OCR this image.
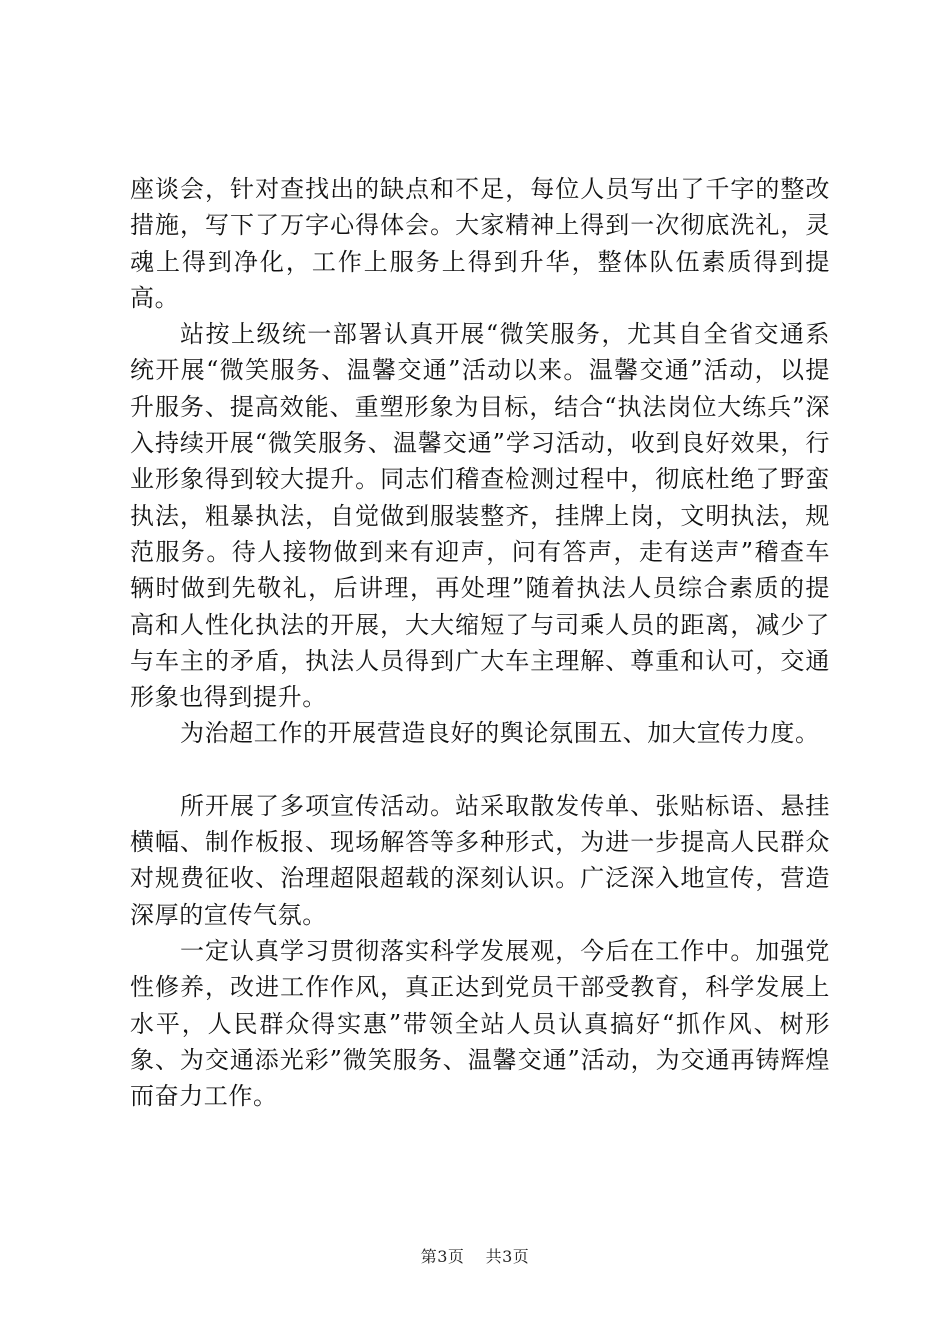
座谈会，针对查找出的缺点和不足，每位人员写出了千字的整改措施，写下了万字心得体会。大家精神上得到一次彻底洗礼，灵魂上得到净化，工作上服务上得到升华，整体队伍素质得到提高。

站按上级统一部署认真开展“微笑服务，尤其自全省交通系统开展“微笑服务、温馨交通”活动以来。温馨交通”活动，以提升服务、提高效能、重塑形象为目标，结合“执法岗位大练兵”深入持续开展“微笑服务、温馨交通”学习活动，收到良好效果，行业形象得到较大提升。同志们稽查检测过程中，彻底杜绝了野蛮执法，粗暴执法，自觉做到服装整齐，挂牌上岗，文明执法，规范服务。待人接物做到来有迎声，问有答声，走有送声”稽查车辆时做到先敬礼，后讲理，再处理”随着执法人员综合素质的提高和人性化执法的开展，大大缩短了与司乘人员的距离，减少了与车主的矛盾，执法人员得到广大车主理解、尊重和认可，交通形象也得到提升。

为治超工作的开展营造良好的舆论氛围五、加大宣传力度。

所开展了多项宣传活动。站采取散发传单、张贴标语、悬挂横幅、制作板报、现场解答等多种形式，为进一步提高人民群众对规费征收、治理超限超载的深刻认识。广泛深入地宣传，营造深厚的宣传气氛。

一定认真学习贯彻落实科学发展观，今后在工作中。加强党性修养，改进工作作风，真正达到党员干部受教育，科学发展上水平，人民群众得实惠”带领全站人员认真搞好“抓作风、树形象、为交通添光彩”微笑服务、温馨交通”活动，为交通再铸辉煌而奋力工作。

第3页 共3页
